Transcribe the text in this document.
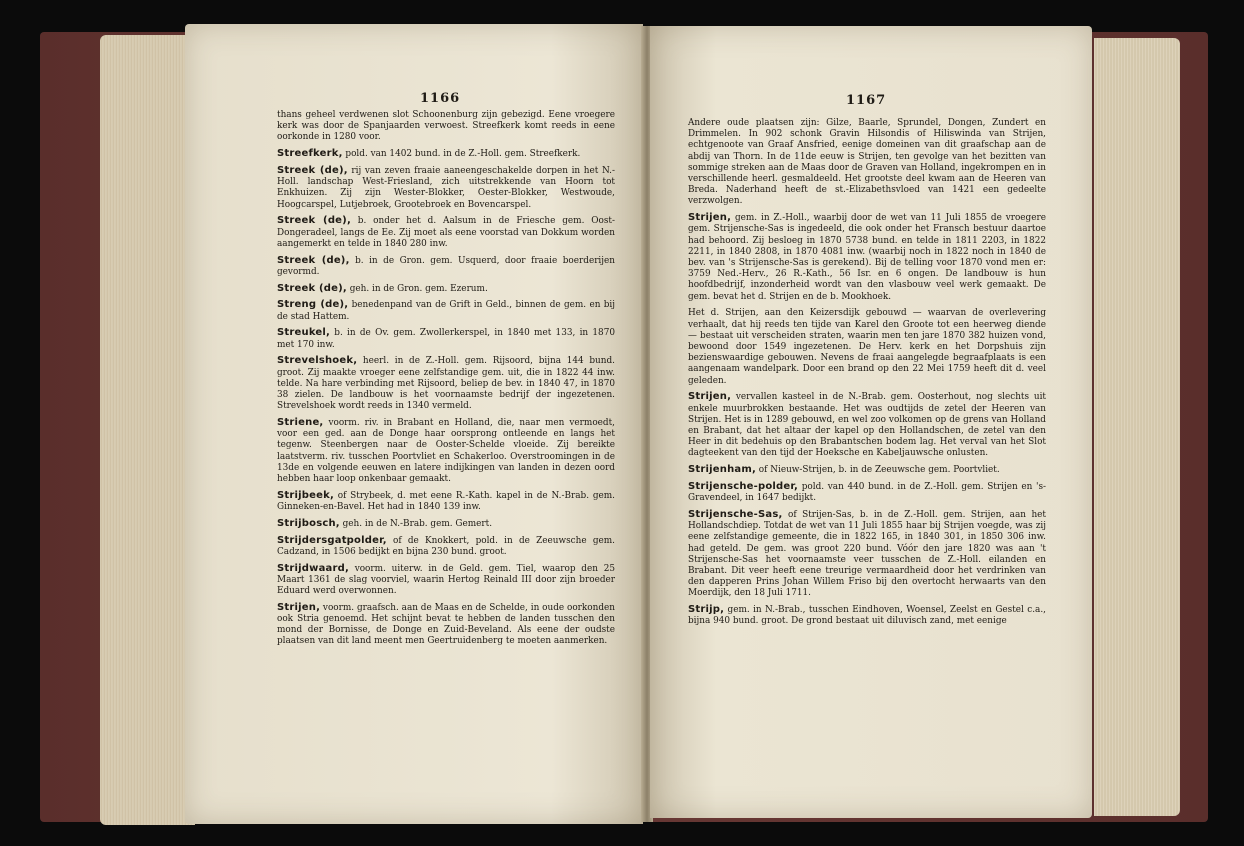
1166

thans geheel verdwenen slot Schoonenburg zijn gebezigd. Eene vroegere kerk was door de Spanjaarden verwoest. Streefkerk komt reeds in eene oorkonde in 1280 voor.

Streefkerk, pold. van 1402 bund. in de Z.-Holl. gem. Streefkerk.

Streek (de), rij van zeven fraaie aaneengeschakelde dorpen in het N.-Holl. landschap West-Friesland, zich uitstrekkende van Hoorn tot Enkhuizen. Zij zijn Wester-Blokker, Oester-Blokker, Westwoude, Hoogcarspel, Lutjebroek, Grootebroek en Bovencarspel.

Streek (de), b. onder het d. Aalsum in de Friesche gem. Oost-Dongeradeel, langs de Ee. Zij moet als eene voorstad van Dokkum worden aangemerkt en telde in 1840 280 inw.

Streek (de), b. in de Gron. gem. Usquerd, door fraaie boerderijen gevormd.

Streek (de), geh. in de Gron. gem. Ezerum.

Streng (de), benedenpand van de Grift in Geld., binnen de gem. en bij de stad Hattem.

Streukel, b. in de Ov. gem. Zwollerkerspel, in 1840 met 133, in 1870 met 170 inw.

Strevelshoek, heerl. in de Z.-Holl. gem. Rijsoord, bijna 144 bund. groot. Zij maakte vroeger eene zelfstandige gem. uit, die in 1822 44 inw. telde. Na hare verbinding met Rijsoord, beliep de bev. in 1840 47, in 1870 38 zielen. De landbouw is het voornaamste bedrijf der ingezetenen. Strevelshoek wordt reeds in 1340 vermeld.

Striene, voorm. riv. in Brabant en Holland, die, naar men vermoedt, voor een ged. aan de Donge haar oorsprong ontleende en langs het tegenw. Steenbergen naar de Ooster-Schelde vloeide. Zij bereikte laatstverm. riv. tusschen Poortvliet en Schakerloo. Overstroomingen in de 13de en volgende eeuwen en latere indijkingen van landen in dezen oord hebben haar loop onkenbaar gemaakt.

Strijbeek, of Strybeek, d. met eene R.-Kath. kapel in de N.-Brab. gem. Ginneken-en-Bavel. Het had in 1840 139 inw.

Strijbosch, geh. in de N.-Brab. gem. Gemert.

Strijdersgatpolder, of de Knokkert, pold. in de Zeeuwsche gem. Cadzand, in 1506 bedijkt en bijna 230 bund. groot.

Strijdwaard, voorm. uiterw. in de Geld. gem. Tiel, waarop den 25 Maart 1361 de slag voorviel, waarin Hertog Reinald III door zijn broeder Eduard werd overwonnen.

Strijen, voorm. graafsch. aan de Maas en de Schelde, in oude oorkonden ook Stria genoemd. Het schijnt bevat te hebben de landen tusschen den mond der Bornisse, de Donge en Zuid-Beveland. Als eene der oudste plaatsen van dit land meent men Geertruidenberg te moeten aanmerken.

1167

Andere oude plaatsen zijn: Gilze, Baarle, Sprundel, Dongen, Zundert en Drimmelen. In 902 schonk Gravin Hilsondis of Hiliswinda van Strijen, echtgenoote van Graaf Ansfried, eenige domeinen van dit graafschap aan de abdij van Thorn. In de 11de eeuw is Strijen, ten gevolge van het bezitten van sommige streken aan de Maas door de Graven van Holland, ingekrompen en in verschillende heerl. gesmaldeeld. Het grootste deel kwam aan de Heeren van Breda. Naderhand heeft de st.-Elizabethsvloed van 1421 een gedeelte verzwolgen.

Strijen, gem. in Z.-Holl., waarbij door de wet van 11 Juli 1855 de vroegere gem. Strijensche-Sas is ingedeeld, die ook onder het Fransch bestuur daartoe had behoord. Zij besloeg in 1870 5738 bund. en telde in 1811 2203, in 1822 2211, in 1840 2808, in 1870 4081 inw. (waarbij noch in 1822 noch in 1840 de bev. van 's Strijensche-Sas is gerekend). Bij de telling voor 1870 vond men er: 3759 Ned.-Herv., 26 R.-Kath., 56 Isr. en 6 ongen. De landbouw is hun hoofdbedrijf, inzonderheid wordt van den vlasbouw veel werk gemaakt. De gem. bevat het d. Strijen en de b. Mookhoek.

Het d. Strijen, aan den Keizersdijk gebouwd — waarvan de overlevering verhaalt, dat hij reeds ten tijde van Karel den Groote tot een heerweg diende — bestaat uit verscheiden straten, waarin men ten jare 1870 382 huizen vond, bewoond door 1549 ingezetenen. De Herv. kerk en het Dorpshuis zijn bezienswaardige gebouwen. Nevens de fraai aangelegde begraafplaats is een aangenaam wandelpark. Door een brand op den 22 Mei 1759 heeft dit d. veel geleden.

Strijen, vervallen kasteel in de N.-Brab. gem. Oosterhout, nog slechts uit enkele muurbrokken bestaande. Het was oudtijds de zetel der Heeren van Strijen. Het is in 1289 gebouwd, en wel zoo volkomen op de grens van Holland en Brabant, dat het altaar der kapel op den Hollandschen, de zetel van den Heer in dit bedehuis op den Brabantschen bodem lag. Het verval van het Slot dagteekent van den tijd der Hoeksche en Kabeljauwsche onlusten.

Strijenham, of Nieuw-Strijen, b. in de Zeeuwsche gem. Poortvliet.

Strijensche-polder, pold. van 440 bund. in de Z.-Holl. gem. Strijen en 's-Gravendeel, in 1647 bedijkt.

Strijensche-Sas, of Strijen-Sas, b. in de Z.-Holl. gem. Strijen, aan het Hollandschdiep. Totdat de wet van 11 Juli 1855 haar bij Strijen voegde, was zij eene zelfstandige gemeente, die in 1822 165, in 1840 301, in 1850 306 inw. had geteld. De gem. was groot 220 bund. Vóór den jare 1820 was aan 't Strijensche-Sas het voornaamste veer tusschen de Z.-Holl. eilanden en Brabant. Dit veer heeft eene treurige vermaardheid door het verdrinken van den dapperen Prins Johan Willem Friso bij den overtocht herwaarts van den Moerdijk, den 18 Juli 1711.

Strijp, gem. in N.-Brab., tusschen Eindhoven, Woensel, Zeelst en Gestel c.a., bijna 940 bund. groot. De grond bestaat uit diluvisch zand, met eenige
